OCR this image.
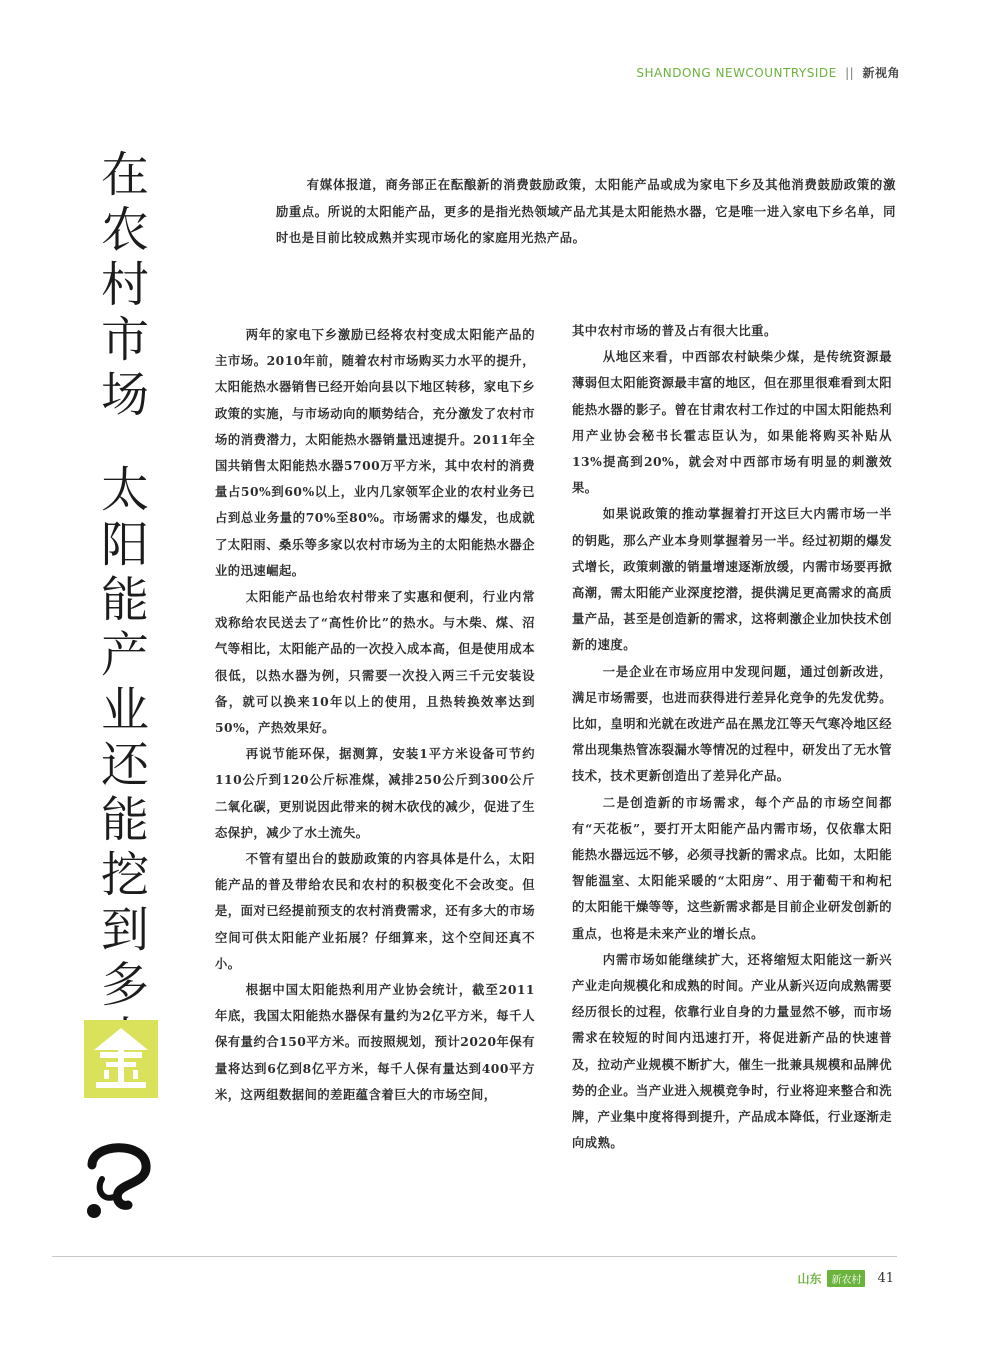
SHANDONG NEWCOUNTRYSIDE || 新视角
在
农
村
市
场
太
阳
能
产
业
还
能
挖
到
多
有媒体报道，商务部正在酝酿新的消费鼓励政策，太阳能产品或成为家电下乡及其他消费鼓励政策的激励重点。所说的太阳能产品，更多的是指光热领域产品尤其是太阳能热水器，它是唯一进入家电下乡名单，同时也是目前比较成熟并实现市场化的家庭用光热产品。

两年的家电下乡激励已经将农村变成太阳能产品的主市场。2010年前，随着农村市场购买力水平的提升，太阳能热水器销售已经开始向县以下地区转移，家电下乡政策的实施，与市场动向的顺势结合，充分激发了农村市场的消费潜力，太阳能热水器销量迅速提升。2011年全国共销售太阳能热水器5700万平方米，其中农村的消费量占50%到60%以上，业内几家领军企业的农村业务已占到总业务量的70%至80%。市场需求的爆发，也成就了太阳雨、桑乐等多家以农村市场为主的太阳能热水器企业的迅速崛起。

太阳能产品也给农村带来了实惠和便利，行业内常戏称给农民送去了“高性价比”的热水。与木柴、煤、沼气等相比，太阳能产品的一次投入成本高，但是使用成本很低，以热水器为例，只需要一次投入两三千元安装设备，就可以换来10年以上的使用，且热转换效率达到50%，产热效果好。

再说节能环保，据测算，安装1平方米设备可节约110公斤到120公斤标准煤，减排250公斤到300公斤二氧化碳，更别说因此带来的树木砍伐的减少，促进了生态保护，减少了水土流失。

不管有望出台的鼓励政策的内容具体是什么，太阳能产品的普及带给农民和农村的积极变化不会改变。但是，面对已经提前预支的农村消费需求，还有多大的市场空间可供太阳能产业拓展？仔细算来，这个空间还真不小。

根据中国太阳能热利用产业协会统计，截至2011年底，我国太阳能热水器保有量约为2亿平方米，每千人保有量约合150平方米。而按照规划，预计2020年保有量将达到6亿到8亿平方米，每千人保有量达到400平方米，这两组数据间的差距蕴含着巨大的市场空间，

其中农村市场的普及占有很大比重。

从地区来看，中西部农村缺柴少煤，是传统资源最薄弱但太阳能资源最丰富的地区，但在那里很难看到太阳能热水器的影子。曾在甘肃农村工作过的中国太阳能热利用产业协会秘书长霍志臣认为，如果能将购买补贴从13%提高到20%，就会对中西部市场有明显的刺激效果。

如果说政策的推动掌握着打开这巨大内需市场一半的钥匙，那么产业本身则掌握着另一半。经过初期的爆发式增长，政策刺激的销量增速逐渐放缓，内需市场要再掀高潮，需太阳能产业深度挖潜，提供满足更高需求的高质量产品，甚至是创造新的需求，这将刺激企业加快技术创新的速度。

一是企业在市场应用中发现问题，通过创新改进，满足市场需要，也进而获得进行差异化竞争的先发优势。比如，皇明和光就在改进产品在黑龙江等天气寒冷地区经常出现集热管冻裂漏水等情况的过程中，研发出了无水管技术，技术更新创造出了差异化产品。

二是创造新的市场需求，每个产品的市场空间都有“天花板”，要打开太阳能产品内需市场，仅依靠太阳能热水器远远不够，必须寻找新的需求点。比如，太阳能智能温室、太阳能采暖的“太阳房”、用于葡萄干和枸杞的太阳能干燥等等，这些新需求都是目前企业研发创新的重点，也将是未来产业的增长点。

内需市场如能继续扩大，还将缩短太阳能这一新兴产业走向规模化和成熟的时间。产业从新兴迈向成熟需要经历很长的过程，依靠行业自身的力量显然不够，而市场需求在较短的时间内迅速打开，将促进新产品的快速普及，拉动产业规模不断扩大，催生一批兼具规模和品牌优势的企业。当产业进入规模竞争时，行业将迎来整合和洗牌，产业集中度将得到提升，产品成本降低，行业逐渐走向成熟。

山东	新农村	41
